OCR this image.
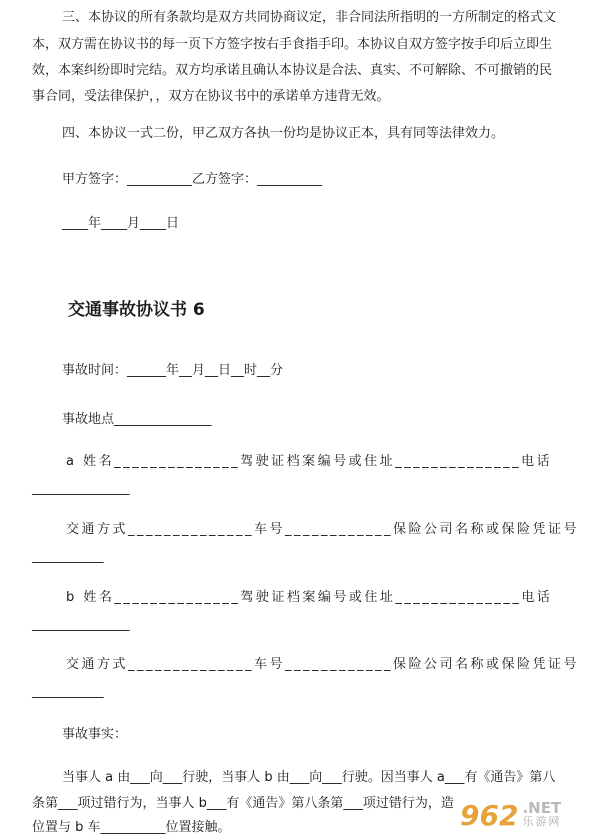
三、本协议的所有条款均是双方共同协商议定，非合同法所指明的一方所制定的格式文
本，双方需在协议书的每一页下方签字按右手食指手印。本协议自双方签字按手印后立即生
效，本案纠纷即时完结。双方均承诺且确认本协议是合法、真实、不可解除、不可撤销的民
事合同，受法律保护，，双方在协议书中的承诺单方违背无效。
四、本协议一式二份，甲乙双方各执一份均是协议正本，具有同等法律效力。
甲方签字：__________乙方签字：__________
____年____月____日
交通事故协议书 6
事故时间：______年__月__日__时__分
事故地点_______________
a 姓名______________驾驶证档案编号或住址______________电话
_______________
交通方式______________车号____________保险公司名称或保险凭证号
___________
b 姓名______________驾驶证档案编号或住址______________电话
_______________
交通方式______________车号____________保险公司名称或保险凭证号
___________
事故事实：
当事人 a 由___向___行驶，当事人 b 由___向___行驶。因当事人 a___有《通告》第八
条第___项过错行为，当事人 b___有《通告》第八条第___项过错行为，造
位置与 b 车__________位置接触。	962 .NET
乐游网
